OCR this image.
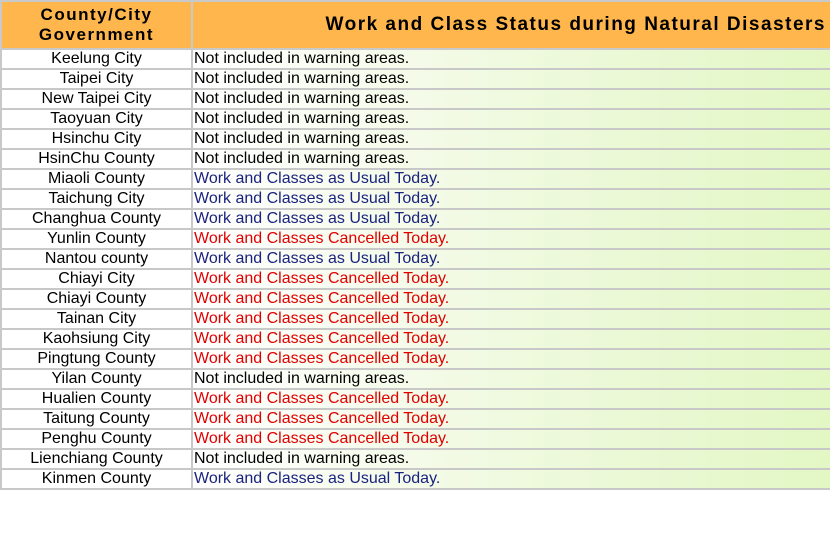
County/City
Government	Work and Class Status during Natural Disasters
Keelung City	Not included in warning areas.
Taipei City	Not included in warning areas.
New Taipei City	Not included in warning areas.
Taoyuan City	Not included in warning areas.
Hsinchu City	Not included in warning areas.
HsinChu County	Not included in warning areas.
Miaoli County	Work and Classes as Usual Today.
Taichung City	Work and Classes as Usual Today.
Changhua County	Work and Classes as Usual Today.
Yunlin County	Work and Classes Cancelled Today.
Nantou county	Work and Classes as Usual Today.
Chiayi City	Work and Classes Cancelled Today.
Chiayi County	Work and Classes Cancelled Today.
Tainan City	Work and Classes Cancelled Today.
Kaohsiung City	Work and Classes Cancelled Today.
Pingtung County	Work and Classes Cancelled Today.
Yilan County	Not included in warning areas.
Hualien County	Work and Classes Cancelled Today.
Taitung County	Work and Classes Cancelled Today.
Penghu County	Work and Classes Cancelled Today.
Lienchiang County	Not included in warning areas.
Kinmen County	Work and Classes as Usual Today.
